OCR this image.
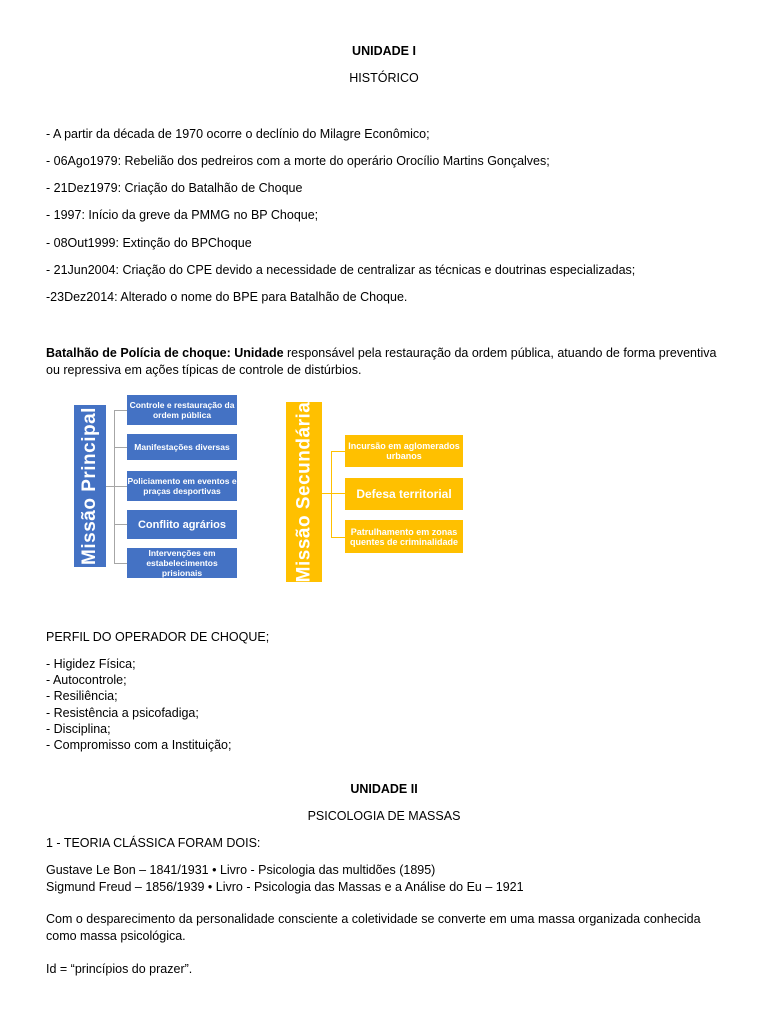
UNIDADE I
HISTÓRICO
- A partir da década de 1970 ocorre o declínio do Milagre Econômico;
- 06Ago1979: Rebelião dos pedreiros com a morte do operário Orocílio Martins Gonçalves;
- 21Dez1979: Criação do Batalhão de Choque
- 1997: Início da greve da PMMG no BP Choque;
- 08Out1999: Extinção do BPChoque
- 21Jun2004: Criação do CPE devido a necessidade de centralizar as técnicas e doutrinas especializadas;
-23Dez2014: Alterado o nome do BPE para Batalhão de Choque.
Batalhão de Polícia de choque: Unidade responsável pela restauração da ordem pública, atuando de forma preventiva ou repressiva em ações típicas de controle de distúrbios.
Missão Principal
Controle e restauração da ordem pública
Manifestações diversas
Policiamento em eventos e praças desportivas
Conflito agrários
Intervenções em estabelecimentos prisionais	Missão Secundária	Incursão em aglomerados urbanos
Defesa territorial
Patrulhamento em zonas quentes de criminalidade
PERFIL DO OPERADOR DE CHOQUE;
- Higidez Física;
- Autocontrole;
- Resiliência;
- Resistência a psicofadiga;
- Disciplina;
- Compromisso com a Instituição;
UNIDADE II
PSICOLOGIA DE MASSAS
1 - TEORIA CLÁSSICA FORAM DOIS:
Gustave Le Bon – 1841/1931 • Livro - Psicologia das multidões (1895)
Sigmund Freud – 1856/1939 • Livro - Psicologia das Massas e a Análise do Eu – 1921
Com o desparecimento da personalidade consciente a coletividade se converte em uma massa organizada conhecida como massa psicológica.
Id = “princípios do prazer”.
